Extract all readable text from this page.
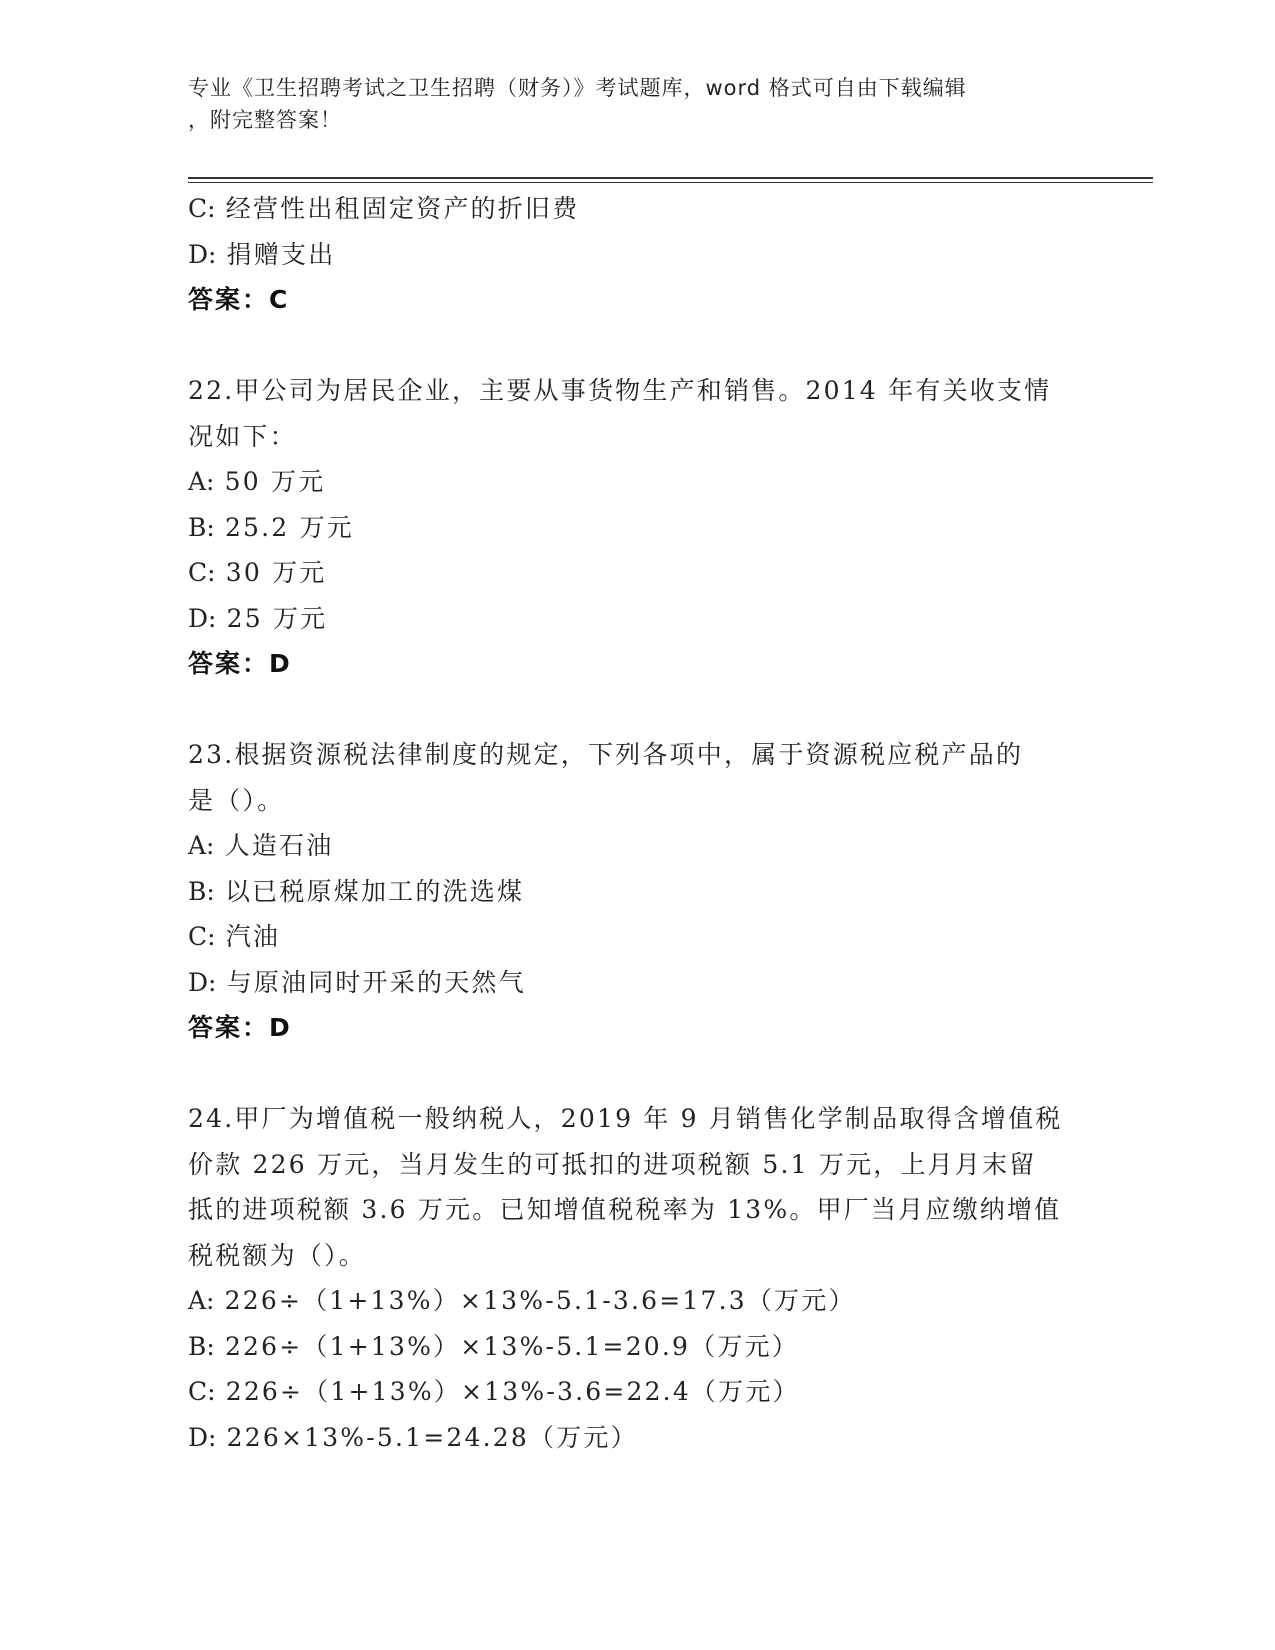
专业《卫生招聘考试之卫生招聘（财务）》考试题库，word 格式可自由下载编辑
，附完整答案！
C: 经营性出租固定资产的折旧费
D: 捐赠支出
答案：C
22.甲公司为居民企业，主要从事货物生产和销售。2014 年有关收支情
况如下：
A: 50 万元
B: 25.2 万元
C: 30 万元
D: 25 万元
答案：D
23.根据资源税法律制度的规定，下列各项中，属于资源税应税产品的
是（）。
A: 人造石油
B: 以已税原煤加工的洗选煤
C: 汽油
D: 与原油同时开采的天然气
答案：D
24.甲厂为增值税一般纳税人，2019 年 9 月销售化学制品取得含增值税
价款 226 万元，当月发生的可抵扣的进项税额 5.1 万元，上月月末留
抵的进项税额 3.6 万元。已知增值税税率为 13%。甲厂当月应缴纳增值
税税额为（）。
A: 226÷（1+13%）×13%-5.1-3.6=17.3（万元）
B: 226÷（1+13%）×13%-5.1=20.9（万元）
C: 226÷（1+13%）×13%-3.6=22.4（万元）
D: 226×13%-5.1=24.28（万元）
